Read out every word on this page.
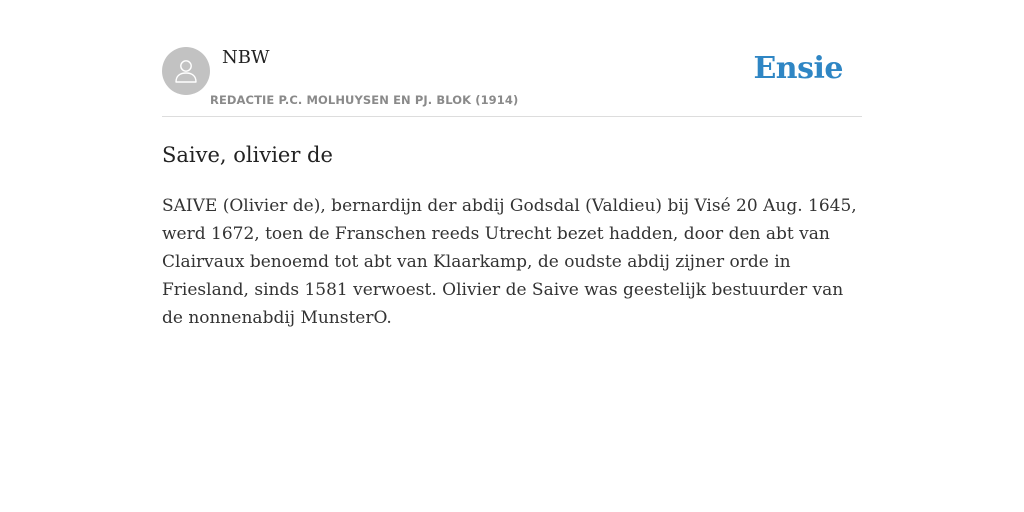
NBW
REDACTIE P.C. MOLHUYSEN EN PJ. BLOK (1914)
Ensie
Saive, olivier de

SAIVE (Olivier de), bernardijn der abdij Godsdal (Valdieu) bij Visé 20 Aug. 1645, werd 1672, toen de Franschen reeds Utrecht bezet hadden, door den abt van Clairvaux benoemd tot abt van Klaarkamp, de oudste abdij zijner orde in Friesland, sinds 1581 verwoest. Olivier de Saive was geestelijk bestuurder van de nonnenabdij MunsterO.
